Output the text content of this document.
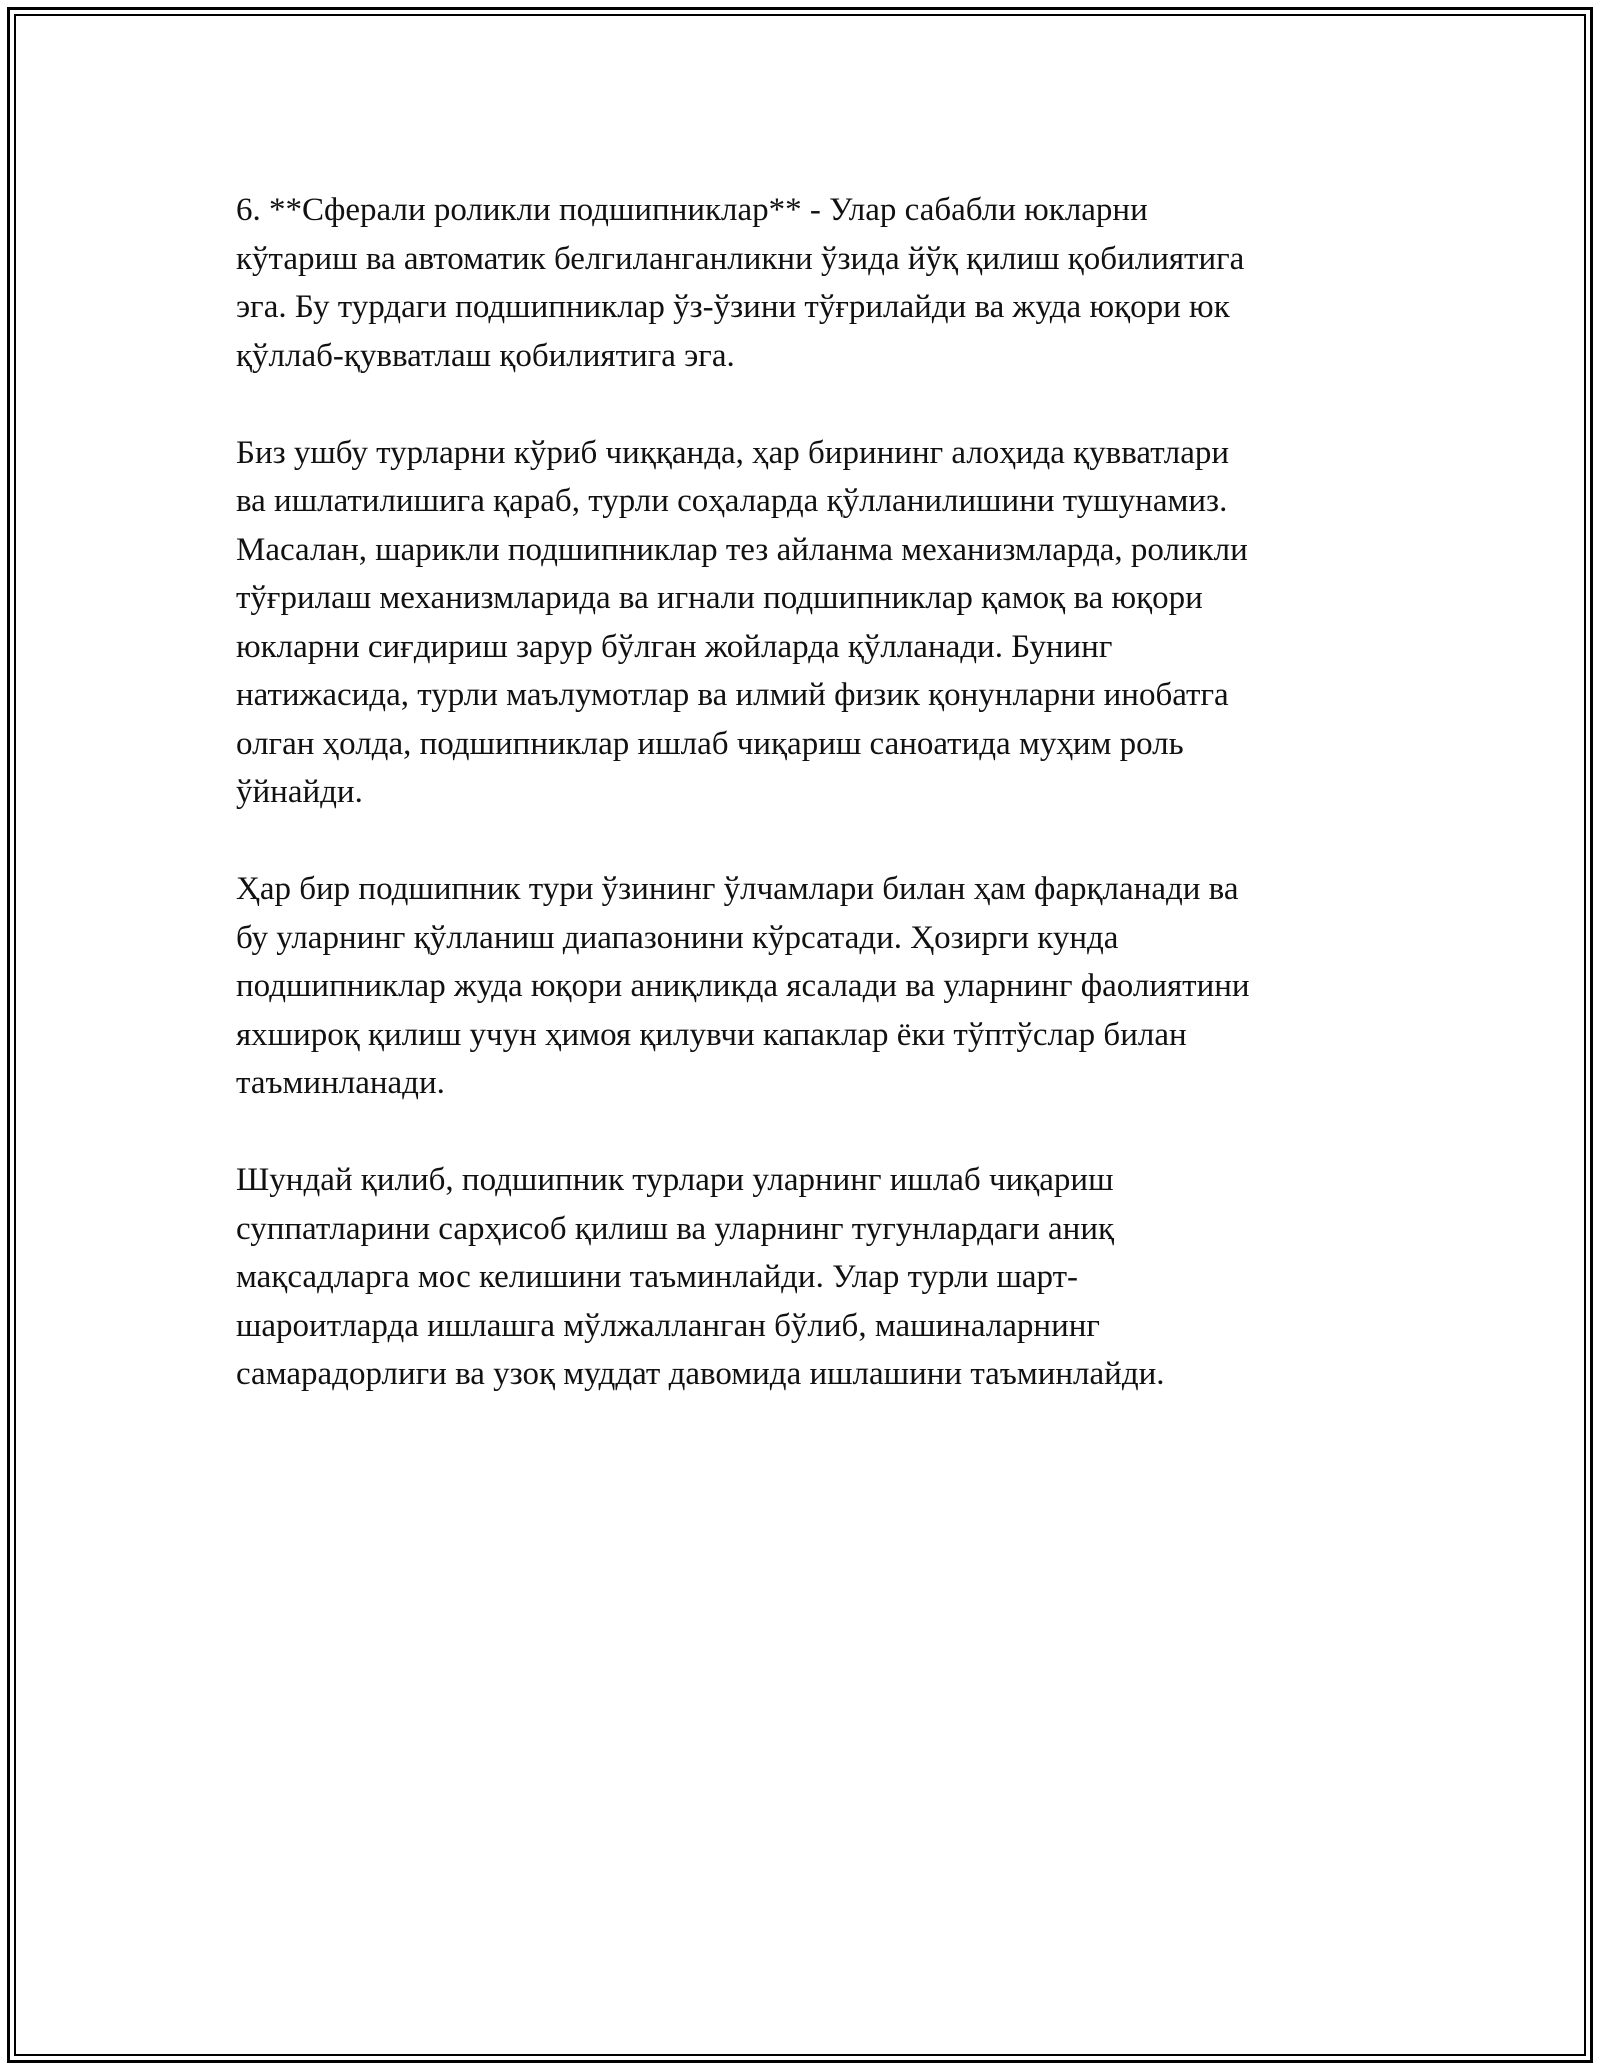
6. **Сферали роликли подшипниклар** - Улар сабабли юкларни
кўтариш ва автоматик белгиланганликни ўзида йўқ қилиш қобилиятига
эга. Бу турдаги подшипниклар ўз-ўзини тўғрилайди ва жуда юқори юк
қўллаб-қувватлаш қобилиятига эга.

Биз ушбу турларни кўриб чиққанда, ҳар бирининг алоҳида қувватлари
ва ишлатилишига қараб, турли соҳаларда қўлланилишини тушунамиз.
Масалан, шарикли подшипниклар тез айланма механизмларда, роликли
тўғрилаш механизмларида ва игнали подшипниклар қамоқ ва юқори
юкларни сиғдириш зарур бўлган жойларда қўлланади. Бунинг
натижасида, турли маълумотлар ва илмий физик қонунларни инобатга
олган ҳолда, подшипниклар ишлаб чиқариш саноатида муҳим роль
ўйнайди.

Ҳар бир подшипник тури ўзининг ўлчамлари билан ҳам фарқланади ва
бу уларнинг қўлланиш диапазонини кўрсатади. Ҳозирги кунда
подшипниклар жуда юқори аниқликда ясалади ва уларнинг фаолиятини
яхшироқ қилиш учун ҳимоя қилувчи капаклар ёки тўптўслар билан
таъминланади.

Шундай қилиб, подшипник турлари уларнинг ишлаб чиқариш
суппатларини сарҳисоб қилиш ва уларнинг тугунлардаги аниқ
мақсадларга мос келишини таъминлайди. Улар турли шарт-
шароитларда ишлашга мўлжалланган бўлиб, машиналарнинг
самарадорлиги ва узоқ муддат давомида ишлашини таъминлайди.
